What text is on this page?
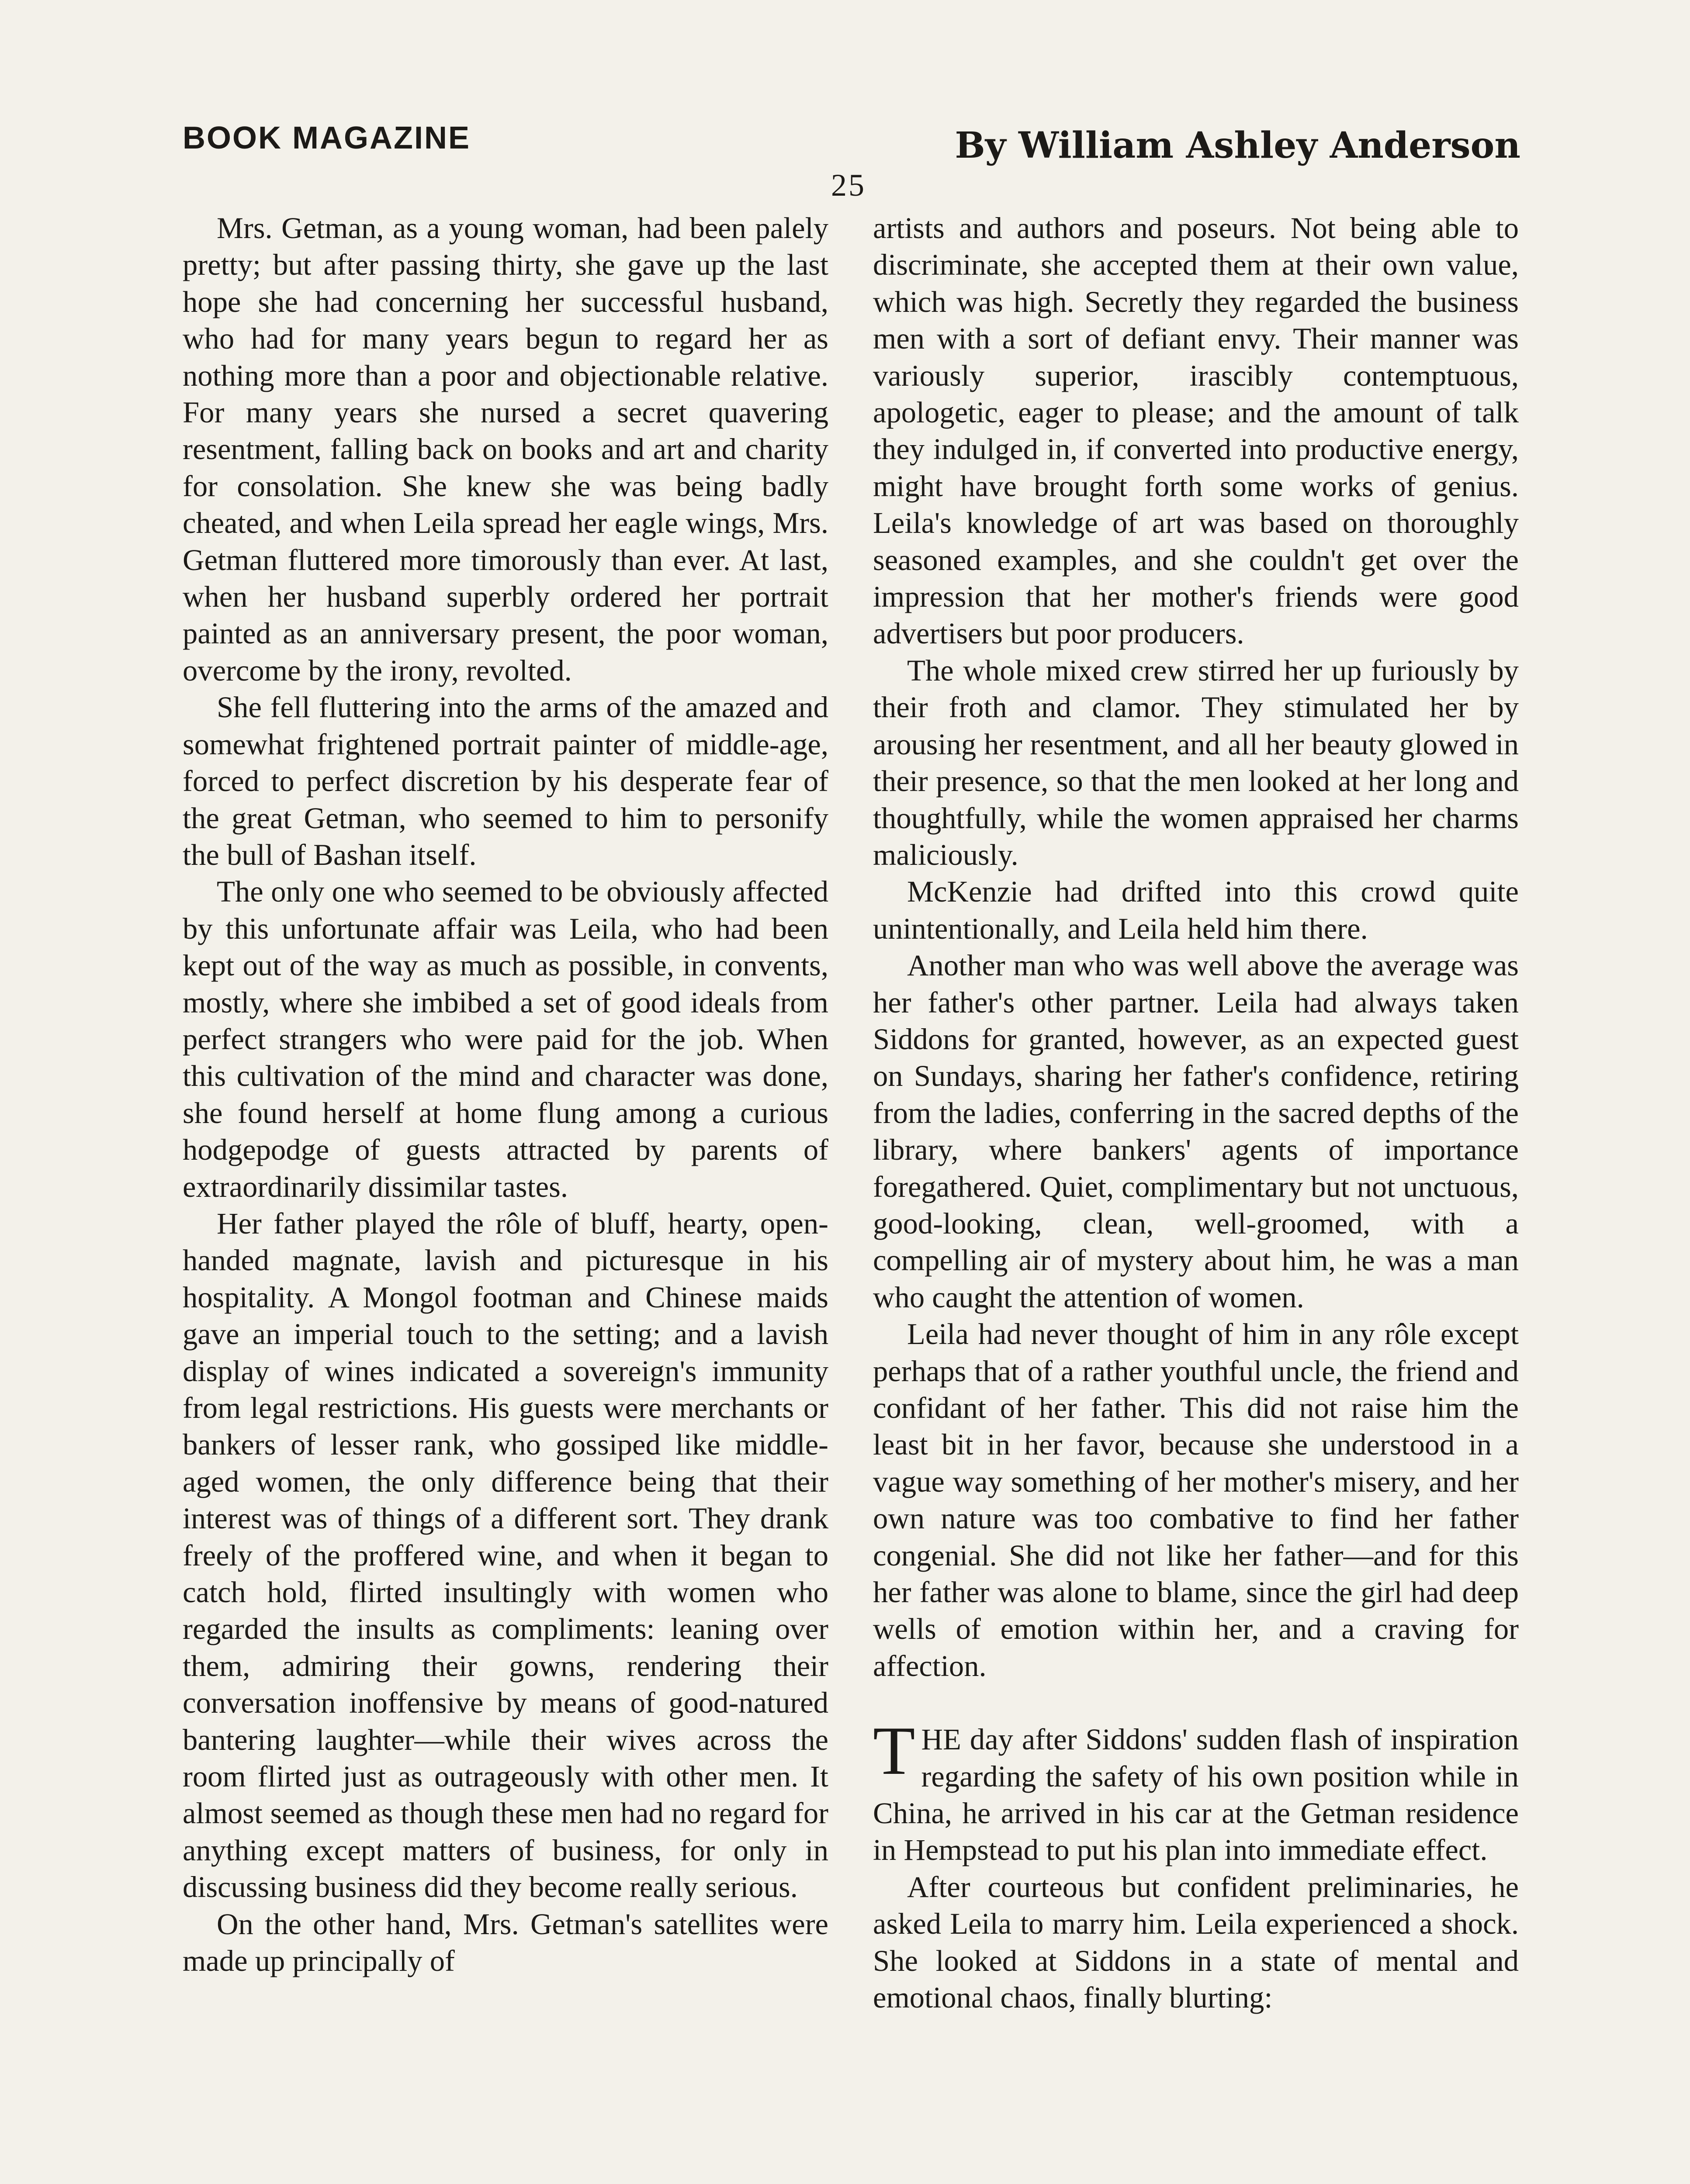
BOOK MAGAZINE	By William Ashley Anderson
25

Mrs. Getman, as a young woman, had been palely pretty; but after passing thirty, she gave up the last hope she had concerning her successful husband, who had for many years begun to regard her as nothing more than a poor and objectionable relative. For many years she nursed a secret quavering resentment, falling back on books and art and charity for consolation. She knew she was being badly cheated, and when Leila spread her eagle wings, Mrs. Getman fluttered more timorously than ever. At last, when her husband superbly ordered her portrait painted as an anniversary present, the poor woman, overcome by the irony, revolted.

She fell fluttering into the arms of the amazed and somewhat frightened portrait painter of middle-age, forced to perfect discretion by his desperate fear of the great Getman, who seemed to him to personify the bull of Bashan itself.

The only one who seemed to be obviously affected by this unfortunate affair was Leila, who had been kept out of the way as much as possible, in convents, mostly, where she imbibed a set of good ideals from perfect strangers who were paid for the job. When this cultivation of the mind and character was done, she found herself at home flung among a curious hodgepodge of guests attracted by parents of extraordinarily dissimilar tastes.

Her father played the rôle of bluff, hearty, open-handed magnate, lavish and picturesque in his hospitality. A Mongol footman and Chinese maids gave an imperial touch to the setting; and a lavish display of wines indicated a sovereign's immunity from legal restrictions. His guests were merchants or bankers of lesser rank, who gossiped like middle-aged women, the only difference being that their interest was of things of a different sort. They drank freely of the proffered wine, and when it began to catch hold, flirted insultingly with women who regarded the insults as compliments: leaning over them, admiring their gowns, rendering their conversation inoffensive by means of good-natured bantering laughter—while their wives across the room flirted just as outrageously with other men. It almost seemed as though these men had no regard for anything except matters of business, for only in discussing business did they become really serious.

On the other hand, Mrs. Getman's satellites were made up principally of

artists and authors and poseurs. Not being able to discriminate, she accepted them at their own value, which was high. Secretly they regarded the business men with a sort of defiant envy. Their manner was variously superior, irascibly contemptuous, apologetic, eager to please; and the amount of talk they indulged in, if converted into productive energy, might have brought forth some works of genius. Leila's knowledge of art was based on thoroughly seasoned examples, and she couldn't get over the impression that her mother's friends were good advertisers but poor producers.

The whole mixed crew stirred her up furiously by their froth and clamor. They stimulated her by arousing her resentment, and all her beauty glowed in their presence, so that the men looked at her long and thoughtfully, while the women appraised her charms maliciously.

McKenzie had drifted into this crowd quite unintentionally, and Leila held him there.

Another man who was well above the average was her father's other partner. Leila had always taken Siddons for granted, however, as an expected guest on Sundays, sharing her father's confidence, retiring from the ladies, conferring in the sacred depths of the library, where bankers' agents of importance foregathered. Quiet, complimentary but not unctuous, good-looking, clean, well-groomed, with a compelling air of mystery about him, he was a man who caught the attention of women.

Leila had never thought of him in any rôle except perhaps that of a rather youthful uncle, the friend and confidant of her father. This did not raise him the least bit in her favor, because she understood in a vague way something of her mother's misery, and her own nature was too combative to find her father congenial. She did not like her father—and for this her father was alone to blame, since the girl had deep wells of emotion within her, and a craving for affection.

THE day after Siddons' sudden flash of inspiration regarding the safety of his own position while in China, he arrived in his car at the Getman residence in Hempstead to put his plan into immediate effect.

After courteous but confident preliminaries, he asked Leila to marry him. Leila experienced a shock. She looked at Siddons in a state of mental and emotional chaos, finally blurting:
